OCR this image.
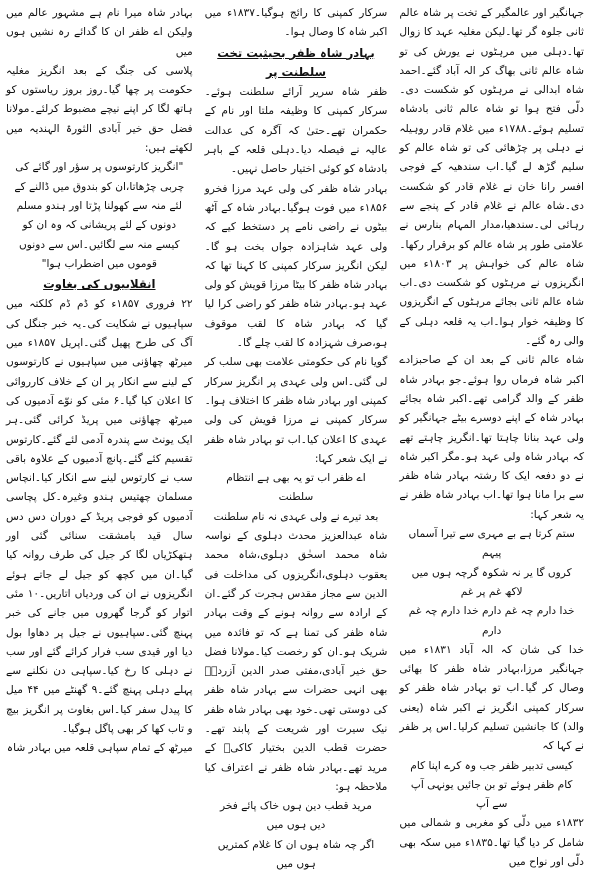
جہانگیر اور عالمگیر کے تخت پر شاہ عالم ثانی جلوہ گر تھا۔لیکن مغلیہ عہد کا زوال تھا۔دہلی میں مرہٹوں نے یورش کی تو شاہ عالم ثانی بھاگ کر الہ آباد گئے۔احمد شاہ ابدالی نے مرہٹوں کو شکست دی۔دلّی فتح ہوا تو شاہ عالم ثانی بادشاہ تسلیم ہوئے۔۱۷۸۸ء میں غلام قادر روہیلہ نے دہلی پر چڑھائی کی تو شاہ عالم کو سلیم گڑھ لے گیا۔اب سندھیہ کے فوجی افسر رانا خان نے غلام قادر کو شکست دی۔شاہ عالم نے غلام قادر کے پنجے سے رہائی لی۔سندھیا،مدار المہام بنارس نے علامتی طور پر شاہ عالم کو برقرار رکھا۔شاہ عالم کی خواہش پر ۱۸۰۳ء میں انگریزوں نے مرہٹوں کو شکست دی۔اب شاہ عالم ثانی بجائے مرہٹوں کے انگریزوں کا وظیفہ خوار ہوا۔اب یہ قلعہ دہلی کے والی رہ گئے۔

شاہ عالم ثانی کے بعد ان کے صاحبزادے اکبر شاہ فرماں روا ہوئے۔جو بہادر شاہ ظفر کے والد گرامی تھے۔اکبر شاہ بجائے بہادر شاہ کے اپنے دوسرے بیٹے جہانگیر کو ولی عہد بنانا چاہتا تھا۔انگریز چاہتے تھے کہ بہادر شاہ ولی عہد ہو۔مگر اکبر شاہ نے دو دفعہ ایک کا رشتہ بہادر شاہ ظفر سے برا مانا ہوا تھا۔اب بہادر شاہ ظفر نے یہ شعر کہا:

ستم کرتا ہے بے مہری سے تیرا آسماں پیہم

کروں گا یر نہ شکوہ گرچہ ہوں میں لاکھ غم پر غم

خدا دارم چہ غم دارم خدا دارم چہ غم دارم

خدا کی شان کہ الہ آباد ۱۸۳۱ء میں جہانگیر مرزا،بہادر شاہ ظفر کا بھائی وصال کر گیا۔اب تو بہادر شاہ ظفر کو سرکار کمپنی انگریز نے اکبر شاہ (یعنی والد) کا جانشین تسلیم کرلیا۔اس پر ظفر نے کہا کہ

کیسی تدبیر ظفر جب وہ کرے اپنا کام

کام ظفر ہوئے تو بن جائیں یونہی آپ سے آپ

۱۸۳۲ء میں دلّی کو مغربی و شمالی میں شامل کر دیا گیا تھا۔۱۸۳۵ء میں سکہ بھی دلّی اور نواح میں

سرکار کمپنی کا رائج ہوگیا۔۱۸۳۷ء میں اکبر شاہ کا وصال ہوا۔

بہادر شاہ ظفر بحیثیت تخت سلطنت پر

ظفر شاہ سریر آرائے سلطنت ہوئے۔سرکار کمپنی کا وظیفہ ملتا اور نام کے حکمران تھے۔حتیٰ کہ آگرہ کی عدالت عالیہ نے فیصلہ دیا۔دہلی قلعہ کے باہر بادشاہ کو کوئی اختیار حاصل نہیں۔

بہادر شاہ ظفر کی ولی عہد مرزا فخرو ۱۸۵۶ء میں فوت ہوگیا۔بہادر شاہ کے آٹھ بیٹوں نے راضی نامے پر دستخط کیے کہ ولی عہد شاہزادہ جواں بخت ہو گا۔لیکن انگریز سرکار کمپنی کا کہنا تھا کہ بہادر شاہ ظفر کا بیٹا مرزا قویش کو ولی عہد ہو۔بہادر شاہ ظفر کو راضی کرا لیا گیا کہ بہادر شاہ کا لقب موقوف ہو،صرف شہزادہ کا لقب چلے گا۔

گویا نام کی حکومتی علامت بھی سلب کر لی گئی۔اس ولی عہدی پر انگریز سرکار کمپنی اور بہادر شاہ ظفر کا اختلاف ہوا۔سرکار کمپنی نے مرزا قویش کی ولی عہدی کا اعلان کیا۔اب تو بہادر شاہ ظفر نے ایک شعر کہا:

اے ظفر اب تو یہ بھی ہے انتظام سلطنت

بعد تیرے نے ولی عہدی نہ نام سلطنت

شاہ عبدالعزیز محدث دہلوی کے نواسہ شاہ محمد اسحٰق دہلوی،شاہ محمد یعقوب دہلوی،انگریزوں کی مداخلت فی الدین سے مجاز مقدس ہجرت کر گئے۔ان کے ارادہ سے روانہ ہونے کے وقت بہادر شاہ ظفر کی تمنا ہے کہ تو فائدہ میں شریک ہو۔ان کو رخصت کیا۔مولانا فضل حق خیر آبادی،مفتی صدر الدین آزردہؔ بھی انہی حضرات سے بہادر شاہ ظفر کی دوستی تھی۔خود بھی بہادر شاہ ظفر نیک سیرت اور شریعت کے پابند تھے۔حضرت قطب الدین بختیار کاکیؒ کے مرید تھے۔بہادر شاہ ظفر نے اعتراف کیا ملاحظہ ہو:

مرید قطب دین ہوں خاک پائے فخر دیں ہوں میں

اگر چہ شاہ ہوں ان کا غلام کمتریں ہوں میں

بہادر شاہ میرا نام ہے مشہور عالم میں ولیکن اے ظفر ان کا گدائے رہ نشیں ہوں میں

پلاسی کی جنگ کے بعد انگریز مغلیہ حکومت پر چھا گیا۔روز بروز ریاستوں کو ہاتھ لگا کر اپنے نیچے مضبوط کرلئے۔مولانا فضل حق خیر آبادی الثورۃ الہندیہ میں لکھتے ہیں:

"انگریز کارتوسوں پر سؤر اور گائے کی چربی چڑھاتا،ان کو بندوق میں ڈالنے کے لئے منہ سے کھولنا پڑتا اور ہندو مسلم دونوں کے لئے پریشانی کہ وہ ان کو کیسے منہ سے لگائیں۔اس سے دونوں قوموں میں اضطراب ہوا"

انقلابیوں کی بغاوت

۲۲ فروری ۱۸۵۷ء کو ڈم ڈم کلکتہ میں سپاہیوں نے شکایت کی۔یہ خبر جنگل کی آگ کی طرح پھیل گئی۔اپریل ۱۸۵۷ء میں میرٹھ چھاؤنی میں سپاہیوں نے کارتوسوں کے لینے سے انکار پر ان کے خلاف کارروائی کا اعلان کیا گیا۔۶ مئی کو نوّے آدمیوں کی میرٹھ چھاؤنی میں پریڈ کرائی گئی۔ہر ایک یونٹ سے پندرہ آدمی لئے گئے۔کارتوس تقسیم کئے گئے۔پانچ آدمیوں کے علاوہ باقی سب نے کارتوس لینے سے انکار کیا۔انچاس مسلمان چھتیس ہندو وغیرہ۔کل پچاسی آدمیوں کو فوجی پریڈ کے دوران دس دس سال قید بامشقت سنائی گئی اور ہتھکڑیاں لگا کر جیل کی طرف روانہ کیا گیا۔ان میں کچھ کو جیل لے جاتے ہوئے انگریزوں نے ان کی وردیاں اتاریں۔۱۰ مئی اتوار کو گرجا گھروں میں جانے کی خبر پہنچ گئی۔سپاہیوں نے جیل پر دھاوا بول دیا اور قیدی سب فرار کرائے گئے اور سب نے دہلی کا رخ کیا۔سپاہی دن نکلنے سے پہلے دہلی پہنچ گئے۔۹ گھنٹے میں ۴۴ میل کا پیدل سفر کیا۔اس بغاوت پر انگریز بیچ و تاب کھا کر بھی پاگل ہوگیا۔

میرٹھ کے تمام سپاہی قلعہ میں بہادر شاہ
